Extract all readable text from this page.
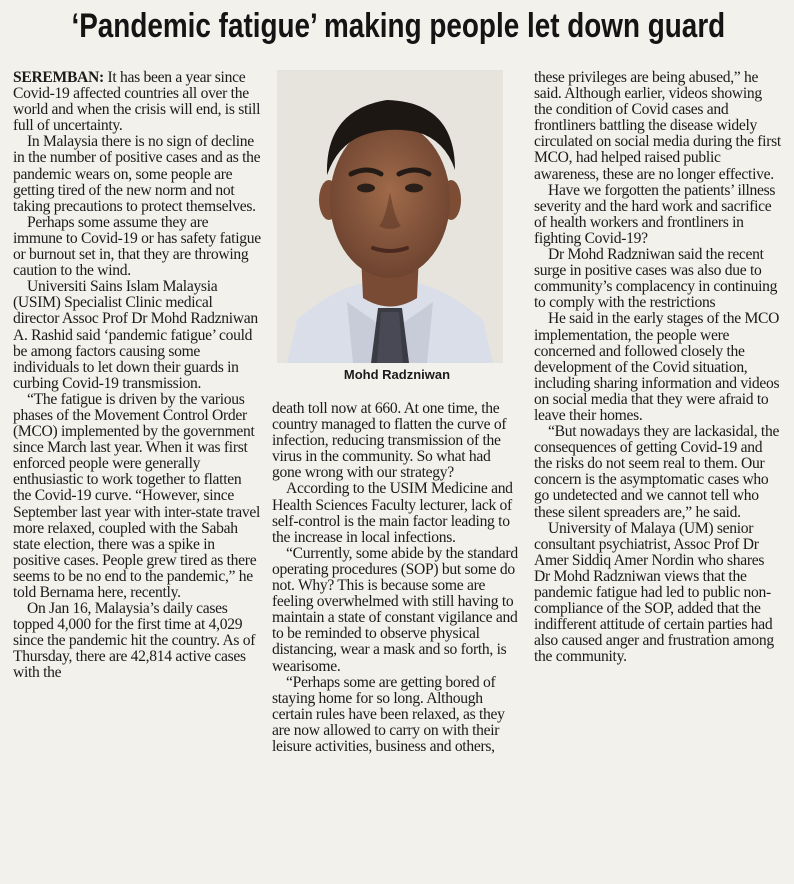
‘Pandemic fatigue’ making people let down guard

SEREMBAN: It has been a year since Covid-19 affected countries all over the world and when the crisis will end, is still full of uncertainty.

In Malaysia there is no sign of decline in the number of positive cases and as the pandemic wears on, some people are getting tired of the new norm and not taking precautions to protect themselves.

Perhaps some assume they are immune to Covid-19 or has safety fatigue or burnout set in, that they are throwing caution to the wind.

Universiti Sains Islam Malaysia (USIM) Specialist Clinic medical director Assoc Prof Dr Mohd Radzniwan A. Rashid said ‘pandemic fatigue’ could be among factors causing some individuals to let down their guards in curbing Covid-19 transmission.

“The fatigue is driven by the various phases of the Movement Control Order (MCO) implemented by the government since March last year. When it was first enforced people were generally enthusiastic to work together to flatten the Covid-19 curve. “However, since September last year with inter-state travel more relaxed, coupled with the Sabah state election, there was a spike in positive cases. People grew tired as there seems to be no end to the pandemic,” he told Bernama here, recently.

On Jan 16, Malaysia’s daily cases topped 4,000 for the first time at 4,029 since the pandemic hit the country. As of Thursday, there are 42,814 active cases with the

Mohd Radzniwan

death toll now at 660. At one time, the country managed to flatten the curve of infection, reducing transmission of the virus in the community. So what had gone wrong with our strategy?

According to the USIM Medicine and Health Sciences Faculty lecturer, lack of self-control is the main factor leading to the increase in local infections.

“Currently, some abide by the standard operating procedures (SOP) but some do not. Why? This is because some are feeling overwhelmed with still having to maintain a state of constant vigilance and to be reminded to observe physical distancing, wear a mask and so forth, is wearisome.

“Perhaps some are getting bored of staying home for so long. Although certain rules have been relaxed, as they are now allowed to carry on with their leisure activities, business and others,

these privileges are being abused,” he said. Although earlier, videos showing the condition of Covid cases and frontliners battling the disease widely circulated on social media during the first MCO, had helped raised public awareness, these are no longer effective.

Have we forgotten the patients’ illness severity and the hard work and sacrifice of health workers and frontliners in fighting Covid-19?

Dr Mohd Radzniwan said the recent surge in positive cases was also due to community’s complacency in continuing to comply with the restrictions

He said in the early stages of the MCO implementation, the people were concerned and followed closely the development of the Covid situation, including sharing information and videos on social media that they were afraid to leave their homes.

“But nowadays they are lackasidal, the consequences of getting Covid-19 and the risks do not seem real to them. Our concern is the asymptomatic cases who go undetected and we cannot tell who these silent spreaders are,” he said.

University of Malaya (UM) senior consultant psychiatrist, Assoc Prof Dr Amer Siddiq Amer Nordin who shares Dr Mohd Radzniwan views that the pandemic fatigue had led to public non-compliance of the SOP, added that the indifferent attitude of certain parties had also caused anger and frustration among the community.
